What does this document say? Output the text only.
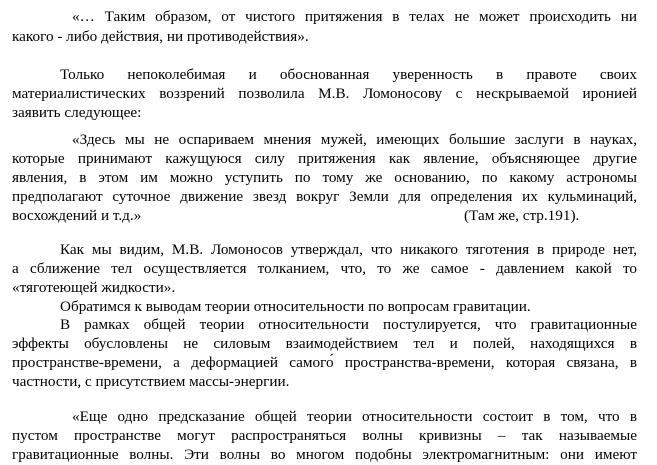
«… Таким образом, от чистого притяжения в телах не может происходить ни
какого - либо действия, ни противодействия».
Только непоколебимая и обоснованная уверенность в правоте своих
материалистических воззрений позволила М.В. Ломоносову с нескрываемой иронией
заявить следующее:
«Здесь мы не оспариваем мнения мужей, имеющих большие заслуги в науках,
которые принимают кажущуюся силу притяжения как явление, объясняющее другие
явления, в этом им можно уступить по тому же основанию, по какому астрономы
предполагают суточное движение звезд вокруг Земли для определения их кульминаций,
восхождений и т.д.»	(Там же, стр.191).
Как мы видим, М.В. Ломоносов утверждал, что никакого тяготения в природе нет,
а сближение тел осуществляется толканием, что, то же самое - давлением какой то
«тяготеющей жидкости».
Обратимся к выводам теории относительности по вопросам гравитации.
В рамках общей теории относительности постулируется, что гравитационные
эффекты обусловлены не силовым взаимодействием тел и полей, находящихся в
пространстве-времени, а деформацией самого́ пространства-времени, которая связана, в
частности, с присутствием массы-энергии.
«Еще одно предсказание общей теории относительности состоит в том, что в
пустом пространстве могут распространяться волны кривизны – так называемые
гравитационные волны. Эти волны во многом подобны электромагнитным: они имеют
